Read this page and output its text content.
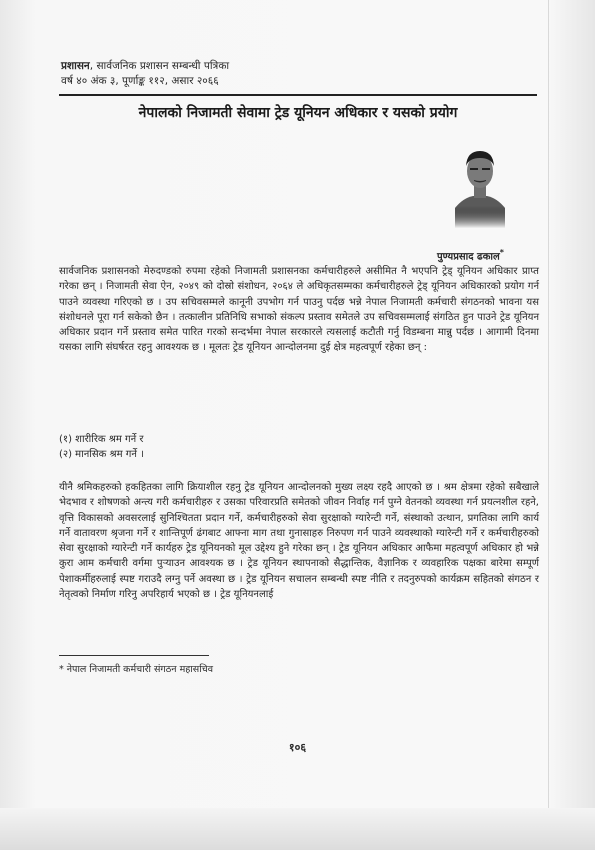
प्रशासन, सार्वजनिक प्रशासन सम्बन्धी पत्रिका
वर्ष ४० अंक ३, पूर्णाङ्क ११२, असार २०६६
नेपालको निजामती सेवामा ट्रेड यूनियन अधिकार र यसको प्रयोग
पुण्यप्रसाद ढकाल*
सार्वजनिक प्रशासनको मेरुदण्डको रुपमा रहेको निजामती प्रशासनका कर्मचारीहरुले असीमित नै भएपनि ट्रेड् यूनियन अधिकार प्राप्त गरेका छन् । निजामती सेवा ऐन, २०४९ को दोस्रो संशोधन, २०६४ ले अधिकृतसम्मका कर्मचारीहरुले ट्रेड् यूनियन अधिकारको प्रयोग गर्न पाउने व्यवस्था गरिएको छ । उप सचिवसम्मले कानूनी उपभोग गर्न पाउनु पर्दछ भन्ने नेपाल निजामती कर्मचारी संगठनको भावना यस संशोधनले पूरा गर्न सकेको छैन । तत्कालीन प्रतिनिधि सभाको संकल्प प्रस्ताव समेतले उप सचिवसम्मलाई संगठित हुन पाउने ट्रेड यूनियन अधिकार प्रदान गर्ने प्रस्ताव समेत पारित गरको सन्दर्भमा नेपाल सरकारले त्यसलाई कटौती गर्नु विडम्बना मान्नु पर्दछ । आगामी दिनमा यसका लागि संघर्षरत रहनु आवश्यक छ । मूलतः ट्रेड यूनियन आन्दोलनमा दुई क्षेत्र महत्वपूर्ण रहेका छन् :
(१) शारीरिक श्रम गर्ने र
(२) मानसिक श्रम गर्ने ।
यीनै श्रमिकहरुको हकहितका लागि क्रियाशील रहनु ट्रेड यूनियन आन्दोलनको मुख्य लक्ष्य रहदै आएको छ । श्रम क्षेत्रमा रहेको सबैखाले भेदभाव र शोषणको अन्त्य गरी कर्मचारीहरु र उसका परिवारप्रति समेतको जीवन निर्वाह गर्न पुग्ने वेतनको व्यवस्था गर्न प्रयत्नशील रहने, वृत्ति विकासको अवसरलाई सुनिश्चितता प्रदान गर्ने, कर्मचारीहरुको सेवा सुरक्षाको ग्यारेन्टी गर्ने, संस्थाको उत्थान, प्रगतिका लागि कार्य गर्ने वातावरण श्रृजना गर्ने र शान्तिपूर्ण ढंगबाट आफ्ना माग तथा गुनासाहरु निरुपण गर्न पाउने व्यवस्थाको ग्यारेन्टी गर्ने र कर्मचारीहरुको सेवा सुरक्षाको ग्यारेन्टी गर्ने कार्यहरु ट्रेड यूनियनको मूल उद्देश्य हुने गरेका छन् । ट्रेड यूनियन अधिकार आफैमा महत्वपूर्ण अधिकार हो भन्ने कुरा आम कर्मचारी वर्गमा पुऱ्याउन आवश्यक छ । ट्रेड यूनियन स्थापनाको सैद्धान्तिक, वैज्ञानिक र व्यवहारिक पक्षका बारेमा सम्पूर्ण पेशाकर्मीहरुलाई स्पष्ट गराउदै लग्नु पर्ने अवस्था छ । ट्रेड यूनियन सचालन सम्बन्धी स्पष्ट नीति र तदनुरुपको कार्यक्रम सहितको संगठन र नेतृत्वको निर्माण गरिनु अपरिहार्य भएको छ । ट्रेड यूनियनलाई
* नेपाल निजामती कर्मचारी संगठन महासचिव
१०६
